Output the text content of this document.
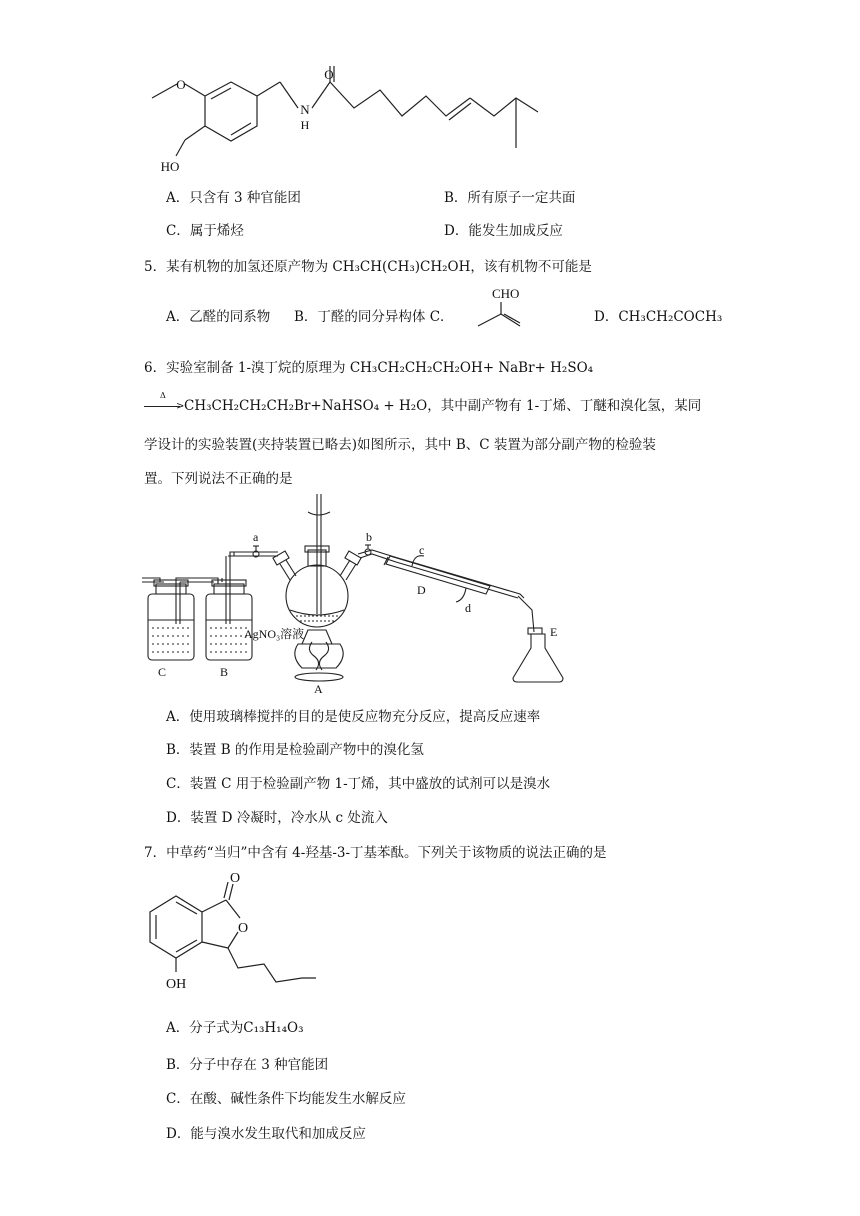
O
O
N
H
HO
A．只含有 3 种官能团	B．所有原子一定共面
C．属于烯烃	D．能发生加成反应
5．某有机物的加氢还原产物为 CH₃CH(CH₃)CH₂OH，该有机物不可能是
A．乙醛的同系物 B．丁醛的同分异构体 C．
CHO
D．CH₃CH₂COCH₃
6．实验室制备 1-溴丁烷的原理为 CH₃CH₂CH₂CH₂OH+ NaBr+ H₂SO₄
Δ
> CH₃CH₂CH₂CH₂Br+NaHSO₄ + H₂O，其中副产物有 1-丁烯、丁醚和溴化氢，某同
学设计的实验装置(夹持装置已略去)如图所示，其中 B、C 装置为部分副产物的检验装
置。下列说法不正确的是
a	b
c
d
D
E
A
B
C
AgNO₃溶液
A．使用玻璃棒搅拌的目的是使反应物充分反应，提高反应速率
B．装置 B 的作用是检验副产物中的溴化氢
C．装置 C 用于检验副产物 1-丁烯，其中盛放的试剂可以是溴水
D．装置 D 冷凝时，冷水从 c 处流入
7．中草药“当归”中含有 4-羟基-3-丁基苯酞。下列关于该物质的说法正确的是
O
O
OH
A．分子式为C₁₃H₁₄O₃
B．分子中存在 3 种官能团
C．在酸、碱性条件下均能发生水解反应
D．能与溴水发生取代和加成反应
